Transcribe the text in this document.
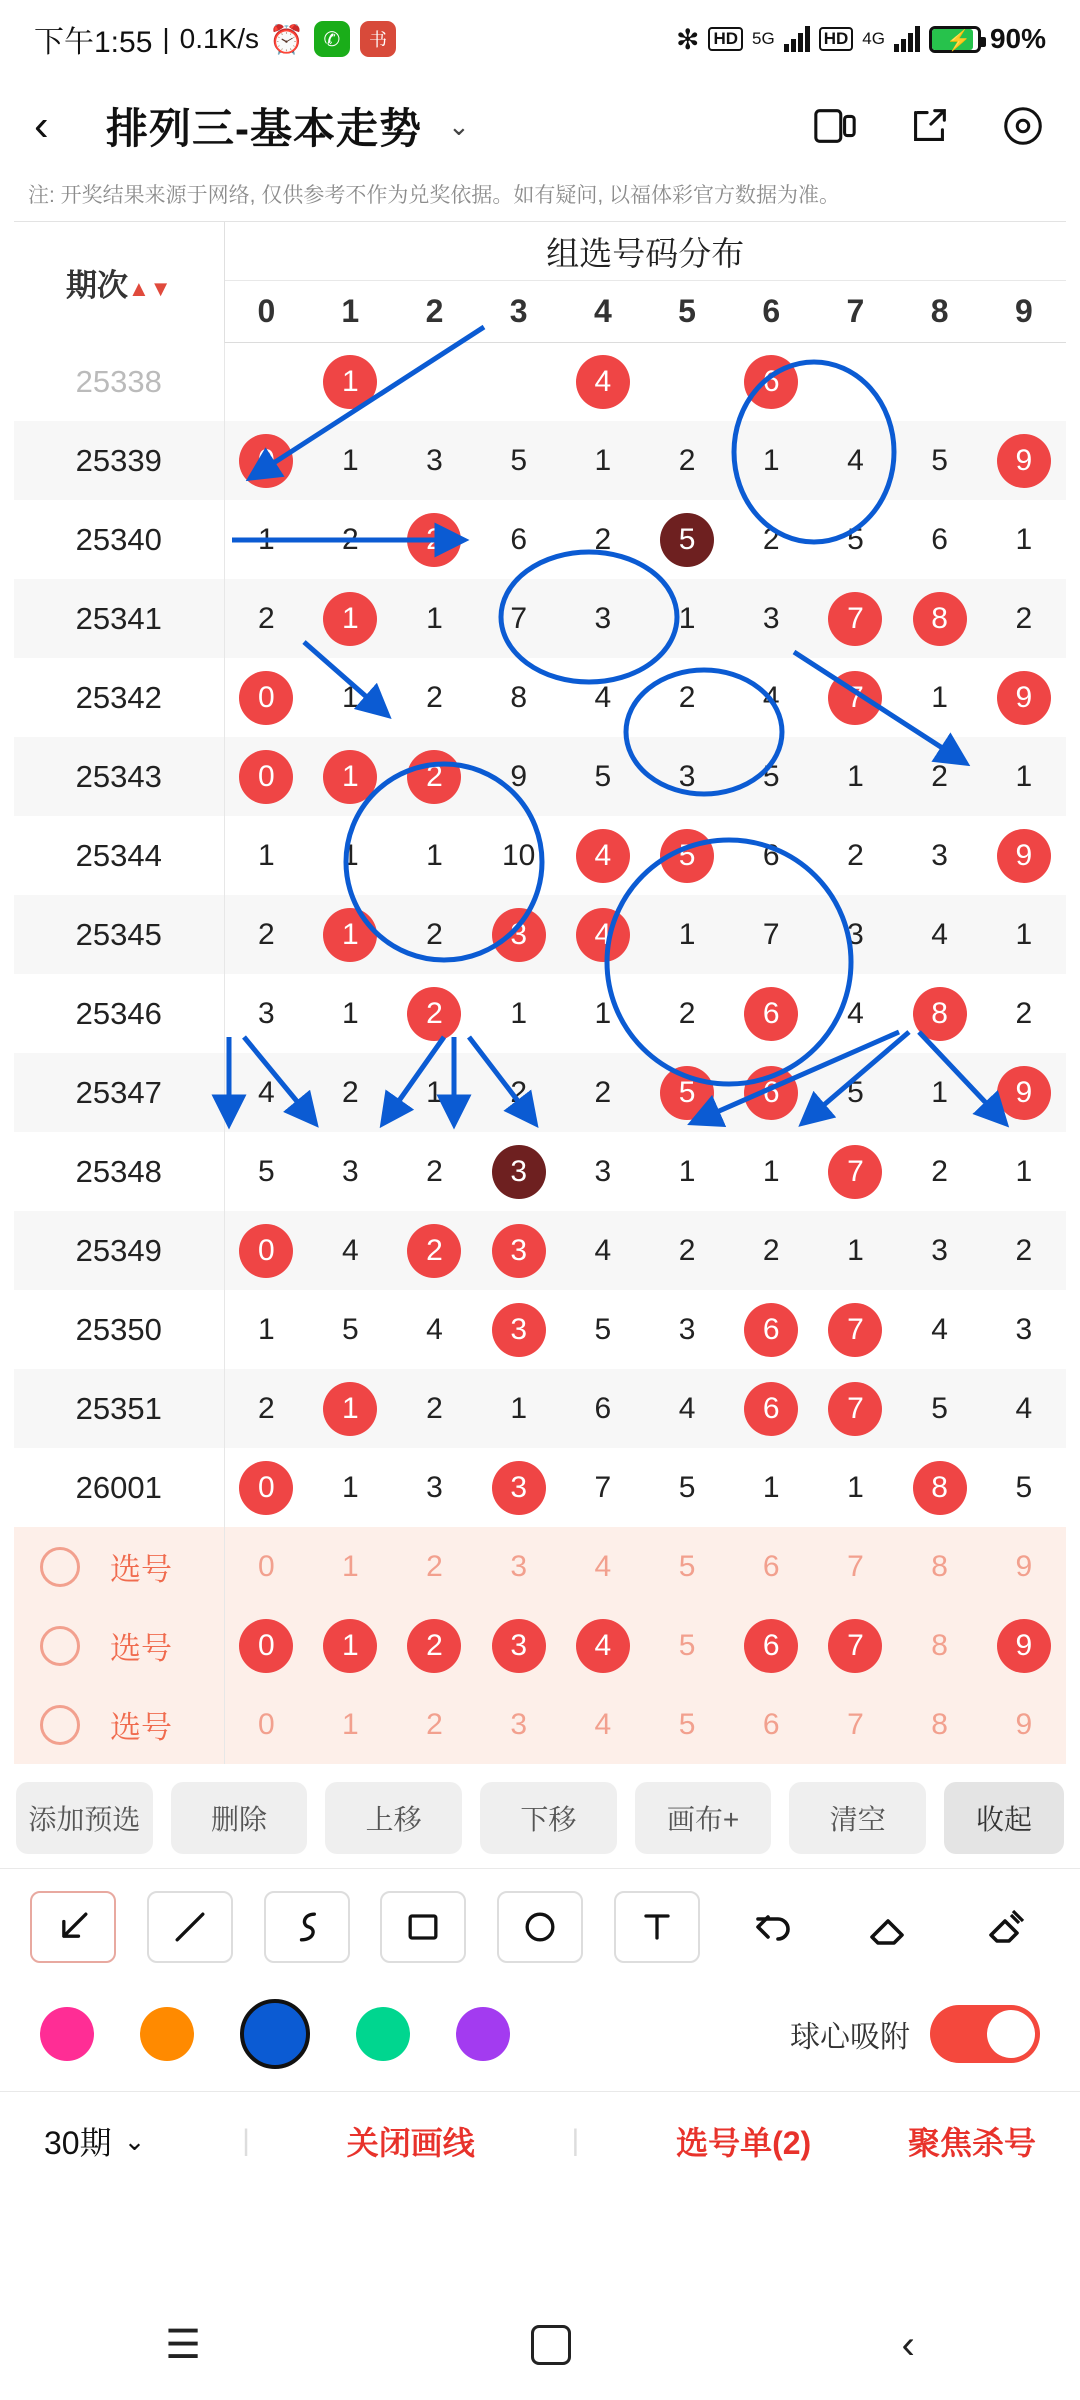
下午1:55 | 0.1K/s ⏰ ✆	书	✻ HD 5G	HD 4G	⚡ 90%
‹	排列三-基本走势 ⌄
注: 开奖结果来源于网络, 仅供参考不作为兑奖依据。如有疑问, 以福体彩官方数据为准。
期次▲▼	组选号码分布									
	0	1	2	3	4	5	6	7	8	9
25338		1			4		6			
25339	0	1	3	5	1	2	1	4	5	9
25340	1	2	2	6	2	5	2	5	6	1
25341	2	1	1	7	3	1	3	7	8	2
25342	0	1	2	8	4	2	4	7	1	9
25343	0	1	2	9	5	3	5	1	2	1
25344	1	1	1	10	4	5	6	2	3	9
25345	2	1	2	3	4	1	7	3	4	1
25346	3	1	2	1	1	2	6	4	8	2
25347	4	2	1	2	2	5	6	5	1	9
25348	5	3	2	3	3	1	1	7	2	1
25349	0	4	2	3	4	2	2	1	3	2
25350	1	5	4	3	5	3	6	7	4	3
25351	2	1	2	1	6	4	6	7	5	4
26001	0	1	3	3	7	5	1	1	8	5

选号	0	1	2	3	4	5	6	7	8	9

选号	0	1	2	3	4	5	6	7	8	9

选号	0	1	2	3	4	5	6	7	8	9
添加预选	删除	上移	下移	画布+	清空	收起
球心吸附
30期 ⌄	|	关闭画线	|	选号单(2)	聚焦杀号
☰	‹
